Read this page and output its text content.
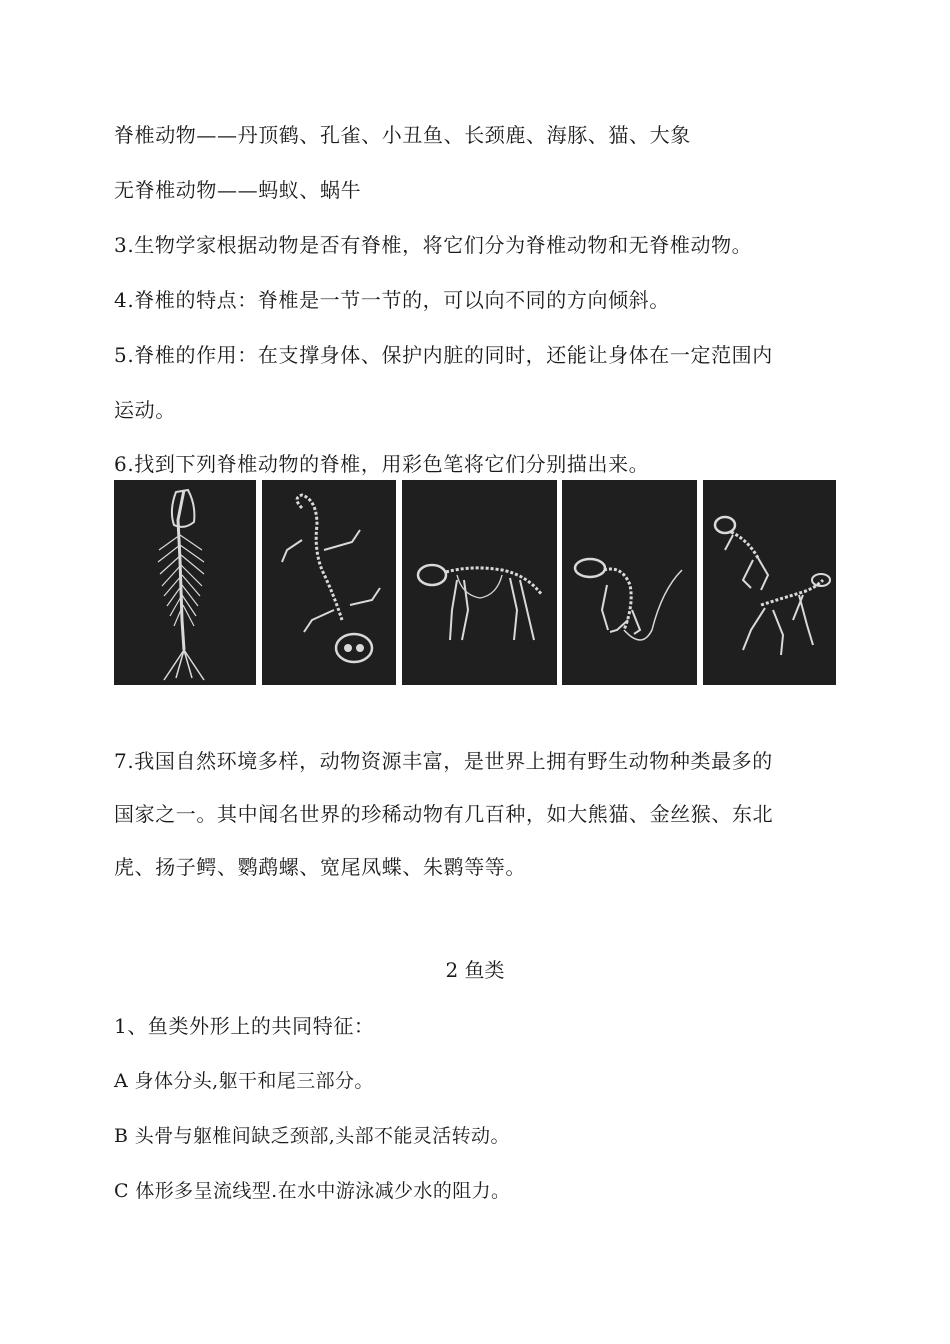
脊椎动物——丹顶鹤、孔雀、小丑鱼、长颈鹿、海豚、猫、大象
无脊椎动物——蚂蚁、蜗牛
3.生物学家根据动物是否有脊椎，将它们分为脊椎动物和无脊椎动物。
4.脊椎的特点：脊椎是一节一节的，可以向不同的方向倾斜。
5.脊椎的作用：在支撑身体、保护内脏的同时，还能让身体在一定范围内
运动。
6.找到下列脊椎动物的脊椎，用彩色笔将它们分别描出来。
7.我国自然环境多样，动物资源丰富，是世界上拥有野生动物种类最多的
国家之一。其中闻名世界的珍稀动物有几百种，如大熊猫、金丝猴、东北
虎、扬子鳄、鹦鹉螺、宽尾凤蝶、朱鹮等等。
2 鱼类
1、鱼类外形上的共同特征：
A 身体分头,躯干和尾三部分。
B 头骨与躯椎间缺乏颈部,头部不能灵活转动。
C 体形多呈流线型.在水中游泳减少水的阻力。
